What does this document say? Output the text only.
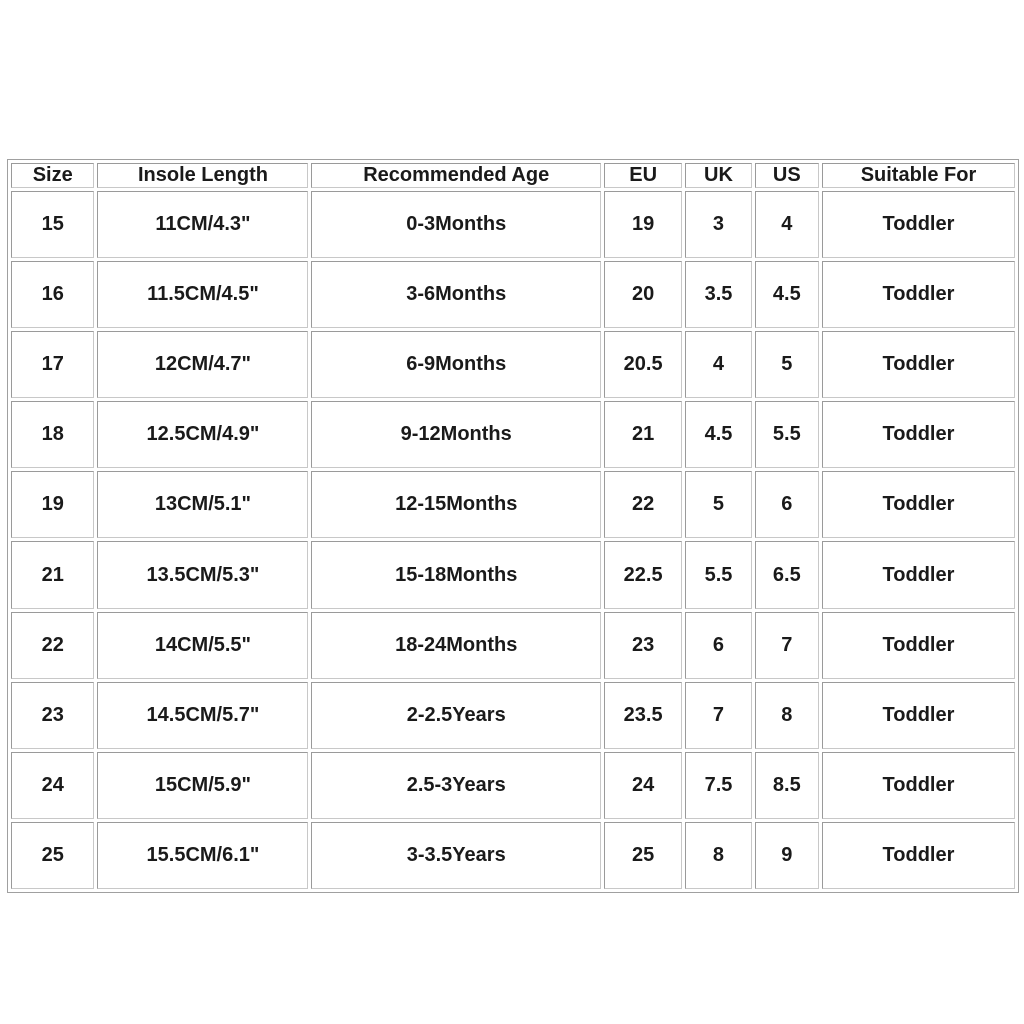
Size	Insole Length	Recommended Age	EU	UK	US	Suitable For
15	11CM/4.3"	0-3Months	19	3	4	Toddler
16	11.5CM/4.5"	3-6Months	20	3.5	4.5	Toddler
17	12CM/4.7"	6-9Months	20.5	4	5	Toddler
18	12.5CM/4.9"	9-12Months	21	4.5	5.5	Toddler
19	13CM/5.1"	12-15Months	22	5	6	Toddler
21	13.5CM/5.3"	15-18Months	22.5	5.5	6.5	Toddler
22	14CM/5.5"	18-24Months	23	6	7	Toddler
23	14.5CM/5.7"	2-2.5Years	23.5	7	8	Toddler
24	15CM/5.9"	2.5-3Years	24	7.5	8.5	Toddler
25	15.5CM/6.1"	3-3.5Years	25	8	9	Toddler
